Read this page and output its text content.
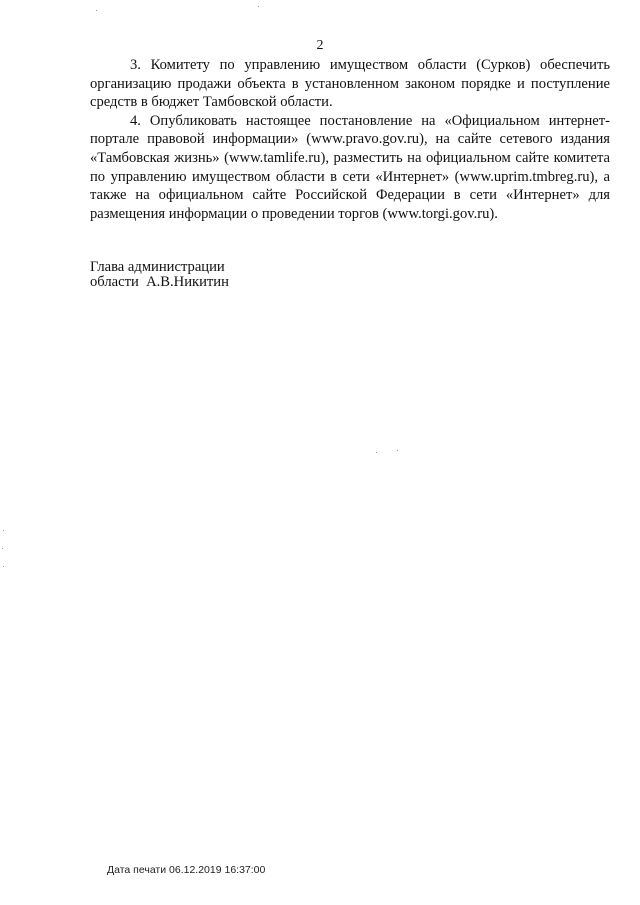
2

3. Комитету по управлению имуществом области (Сурков) обеспечить организацию продажи объекта в установленном законом порядке и поступление средств в бюджет Тамбовской области.

4. Опубликовать настоящее постановление на «Официальном интернет-портале правовой информации» (www.pravo.gov.ru), на сайте сетевого издания «Тамбовская жизнь» (www.tamlife.ru), разместить на официальном сайте комитета по управлению имуществом области в сети «Интернет» (www.uprim.tmbreg.ru), а также на официальном сайте Российской Федерации в сети «Интернет» для размещения информации о проведении торгов (www.torgi.gov.ru).

Глава администрации
области  А.В.Никитин
Дата печати 06.12.2019 16:37:00
